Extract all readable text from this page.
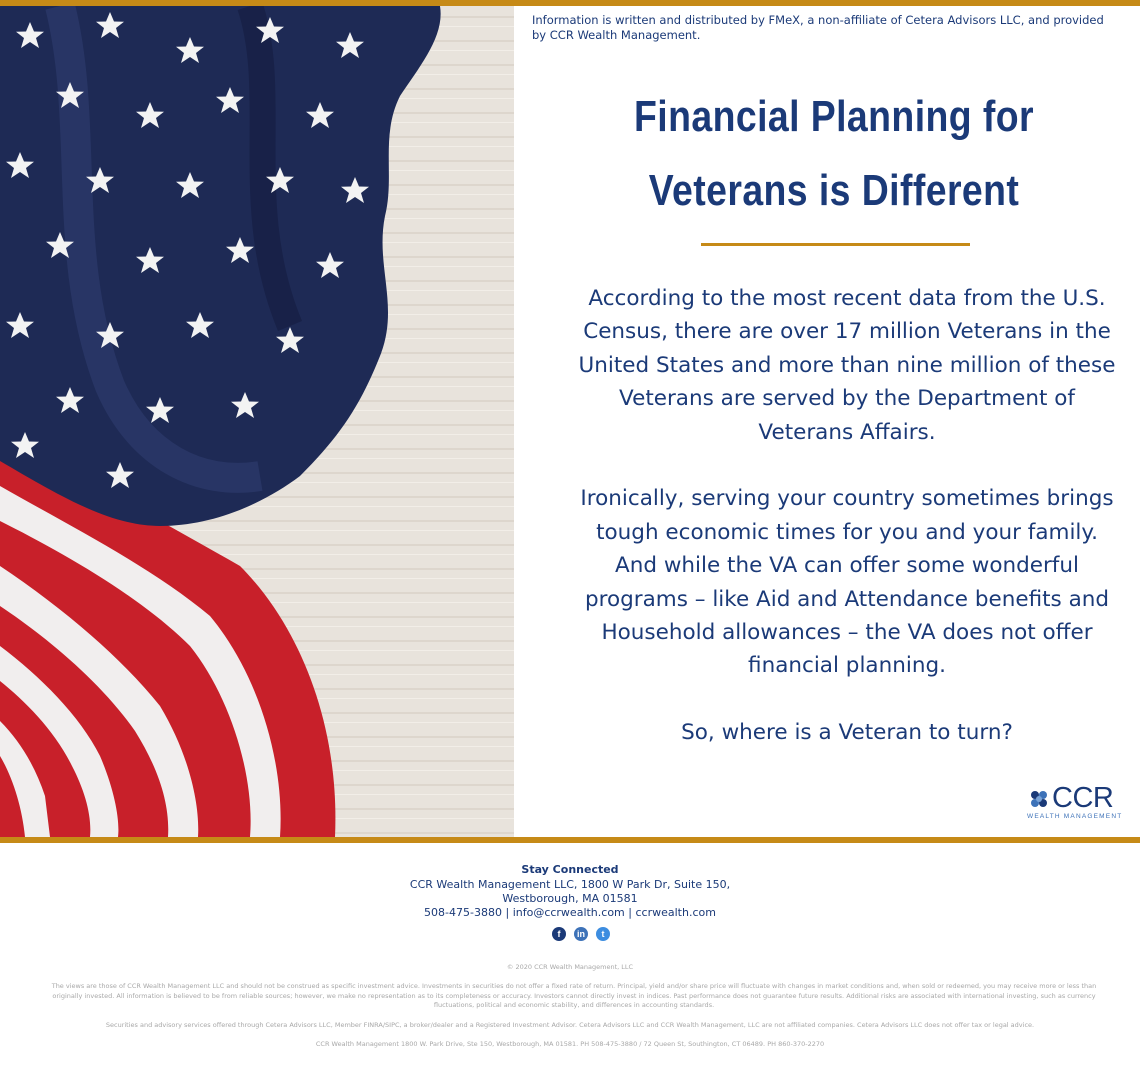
Information is written and distributed by FMeX, a non-affiliate of Cetera Advisors LLC, and provided by CCR Wealth Management.
Financial Planning for
Veterans is Different

According to the most recent data from the U.S. Census, there are over 17 million Veterans in the United States and more than nine million of these Veterans are served by the Department of Veterans Affairs.

Ironically, serving your country sometimes brings tough economic times for you and your family. And while the VA can offer some wonderful programs – like Aid and Attendance benefits and Household allowances – the VA does not offer financial planning.

So, where is a Veteran to turn?

CCR
WEALTH MANAGEMENT
Stay Connected
CCR Wealth Management LLC, 1800 W Park Dr, Suite 150,
Westborough, MA 01581
508-475-3880 | info@ccrwealth.com | ccrwealth.com
f	in	t
© 2020 CCR Wealth Management, LLC
The views are those of CCR Wealth Management LLC and should not be construed as specific investment advice. Investments in securities do not offer a fixed rate of return. Principal, yield and/or share price will fluctuate with changes in market conditions and, when sold or redeemed, you may receive more or less than originally invested. All information is believed to be from reliable sources; however, we make no representation as to its completeness or accuracy. Investors cannot directly invest in indices. Past performance does not guarantee future results. Additional risks are associated with international investing, such as currency fluctuations, political and economic stability, and differences in accounting standards.
Securities and advisory services offered through Cetera Advisors LLC, Member FINRA/SIPC, a broker/dealer and a Registered Investment Advisor. Cetera Advisors LLC and CCR Wealth Management, LLC are not affiliated companies. Cetera Advisors LLC does not offer tax or legal advice.
CCR Wealth Management 1800 W. Park Drive, Ste 150, Westborough, MA 01581. PH 508-475-3880 / 72 Queen St, Southington, CT 06489. PH 860-370-2270
